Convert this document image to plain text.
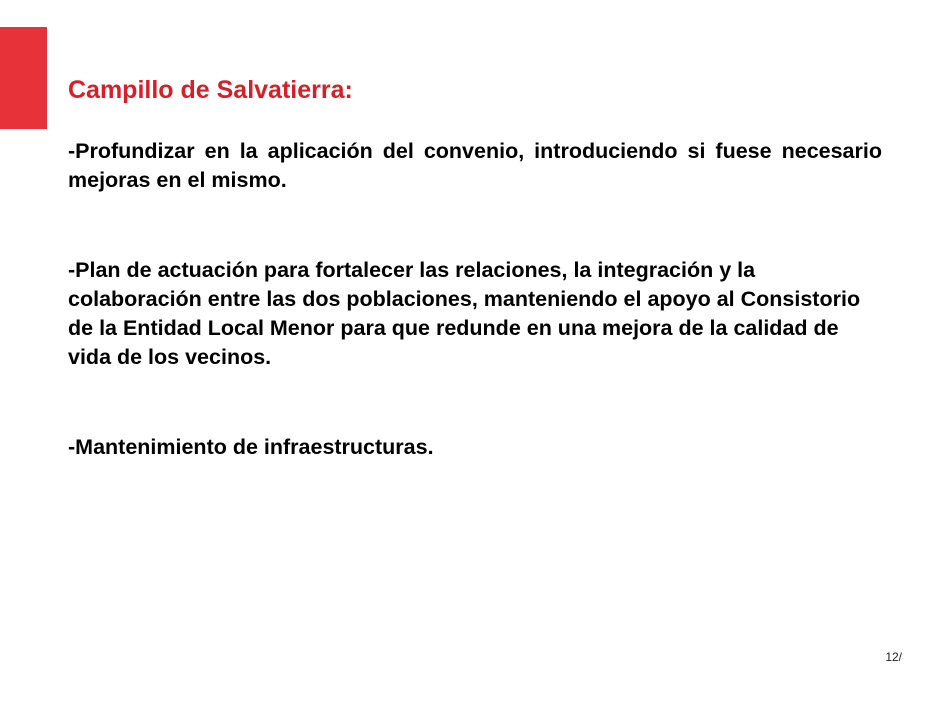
Campillo de Salvatierra:

-Profundizar en la aplicación del convenio, introduciendo si fuese necesario mejoras en el mismo.

-Plan de actuación para fortalecer las relaciones, la integración y la colaboración entre las dos poblaciones, manteniendo el apoyo al Consistorio de la Entidad Local Menor para que redunde en una mejora de la calidad de vida de los vecinos.

-Mantenimiento de infraestructuras.

12/
